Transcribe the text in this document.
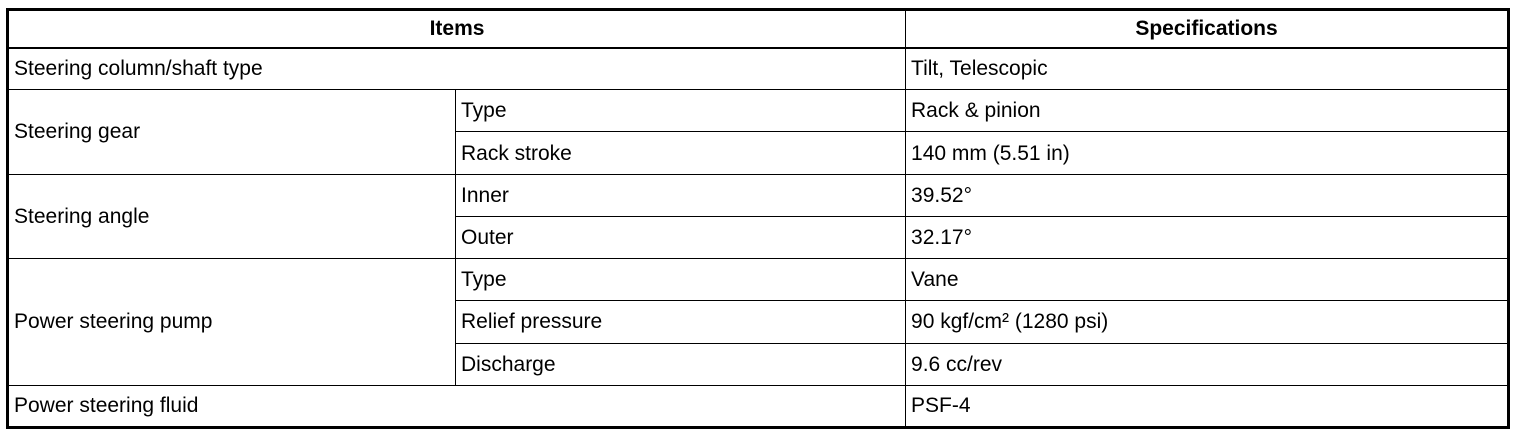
Items		Specifications
Steering column/shaft type		Tilt, Telescopic
Steering gear	Type	Rack & pinion
	Rack stroke	140 mm (5.51 in)
Steering angle	Inner	39.52°
	Outer	32.17°
Power steering pump	Type	Vane
	Relief pressure	90 kgf/cm² (1280 psi)
	Discharge	9.6 cc/rev
Power steering fluid		PSF-4
